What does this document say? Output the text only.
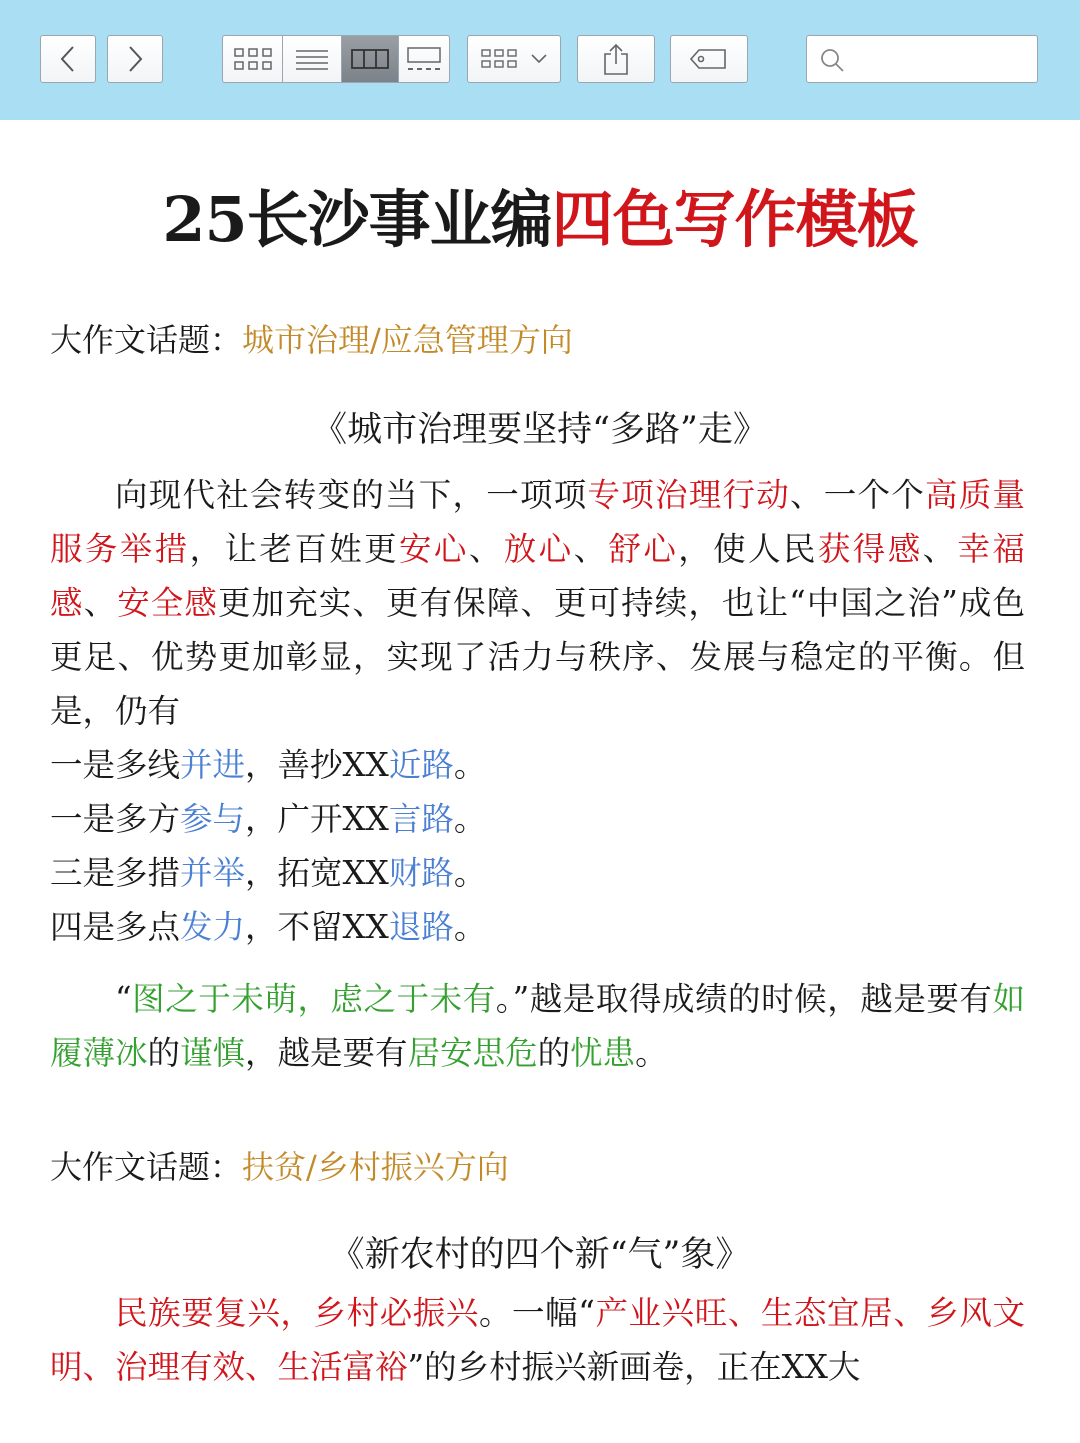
25长沙事业编四色写作模板
大作文话题：城市治理/应急管理方向
《城市治理要坚持“多路”走》
向现代社会转变的当下，一项项专项治理行动、一个个高质量服务举措，让老百姓更安心、放心、舒心，使人民获得感、幸福感、安全感更加充实、更有保障、更可持续，也让“中国之治”成色更足、优势更加彰显，实现了活力与秩序、发展与稳定的平衡。但是，仍有
一是多线并进，善抄XX近路。
一是多方参与，广开XX言路。
三是多措并举，拓宽XX财路。
四是多点发力，不留XX退路。
“图之于未萌，虑之于未有。”越是取得成绩的时候，越是要有如履薄冰的谨慎，越是要有居安思危的忧患。
大作文话题：扶贫/乡村振兴方向
《新农村的四个新“气”象》
民族要复兴，乡村必振兴。一幅“产业兴旺、生态宜居、乡风文明、治理有效、生活富裕”的乡村振兴新画卷，正在XX大
